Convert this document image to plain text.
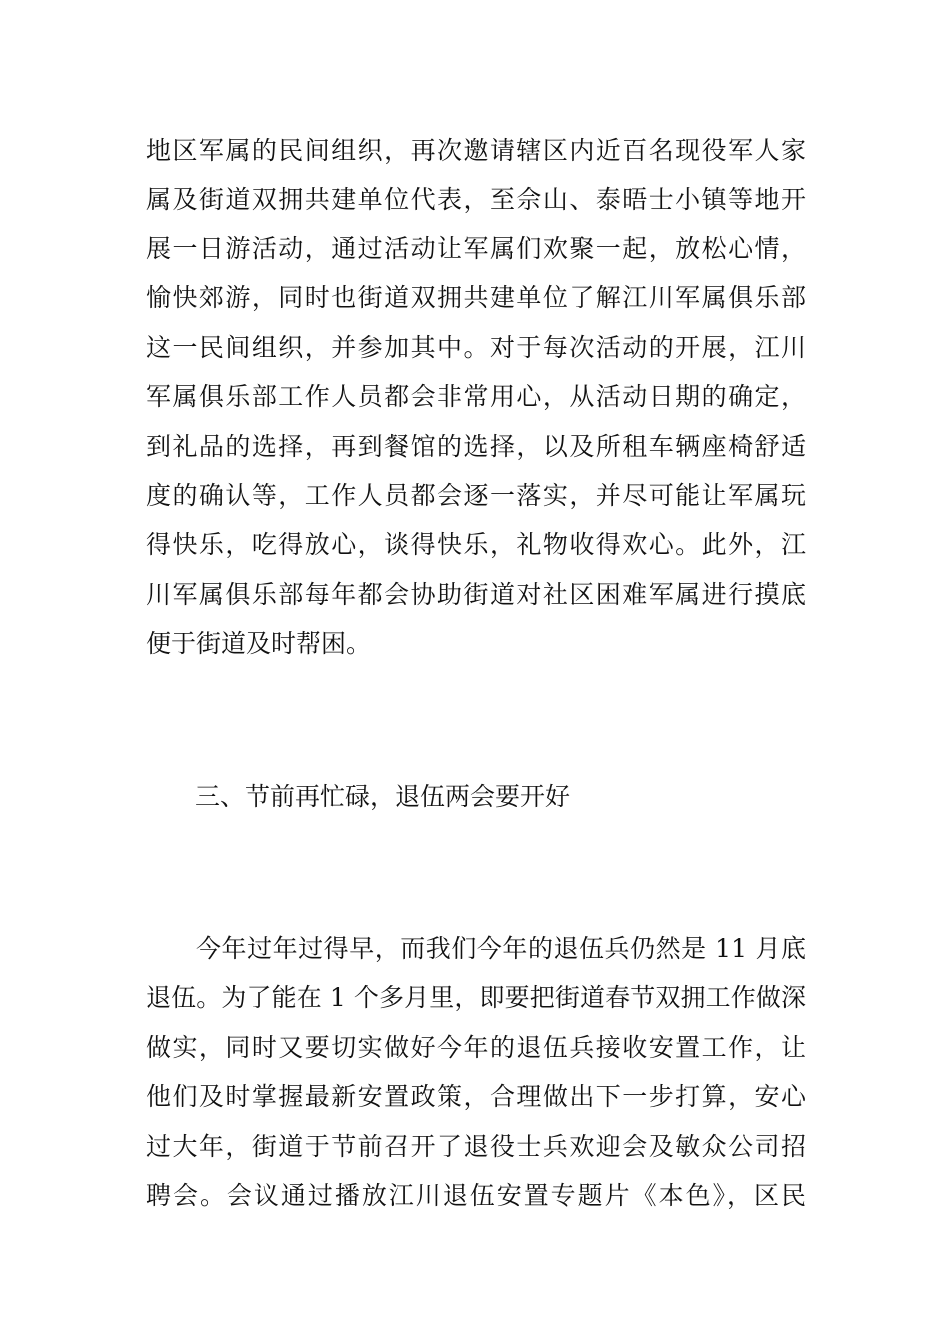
地区军属的民间组织，再次邀请辖区内近百名现役军人家
属及街道双拥共建单位代表，至佘山、泰晤士小镇等地开
展一日游活动，通过活动让军属们欢聚一起，放松心情，
愉快郊游，同时也街道双拥共建单位了解江川军属俱乐部
这一民间组织，并参加其中。对于每次活动的开展，江川
军属俱乐部工作人员都会非常用心，从活动日期的确定，
到礼品的选择，再到餐馆的选择，以及所租车辆座椅舒适
度的确认等，工作人员都会逐一落实，并尽可能让军属玩
得快乐，吃得放心，谈得快乐，礼物收得欢心。此外，江
川军属俱乐部每年都会协助街道对社区困难军属进行摸底
便于街道及时帮困。
三、节前再忙碌，退伍两会要开好
今年过年过得早，而我们今年的退伍兵仍然是 11 月底
退伍。为了能在 1 个多月里，即要把街道春节双拥工作做深
做实，同时又要切实做好今年的退伍兵接收安置工作，让
他们及时掌握最新安置政策，合理做出下一步打算，安心
过大年，街道于节前召开了退役士兵欢迎会及敏众公司招
聘会。会议通过播放江川退伍安置专题片《本色》，区民
